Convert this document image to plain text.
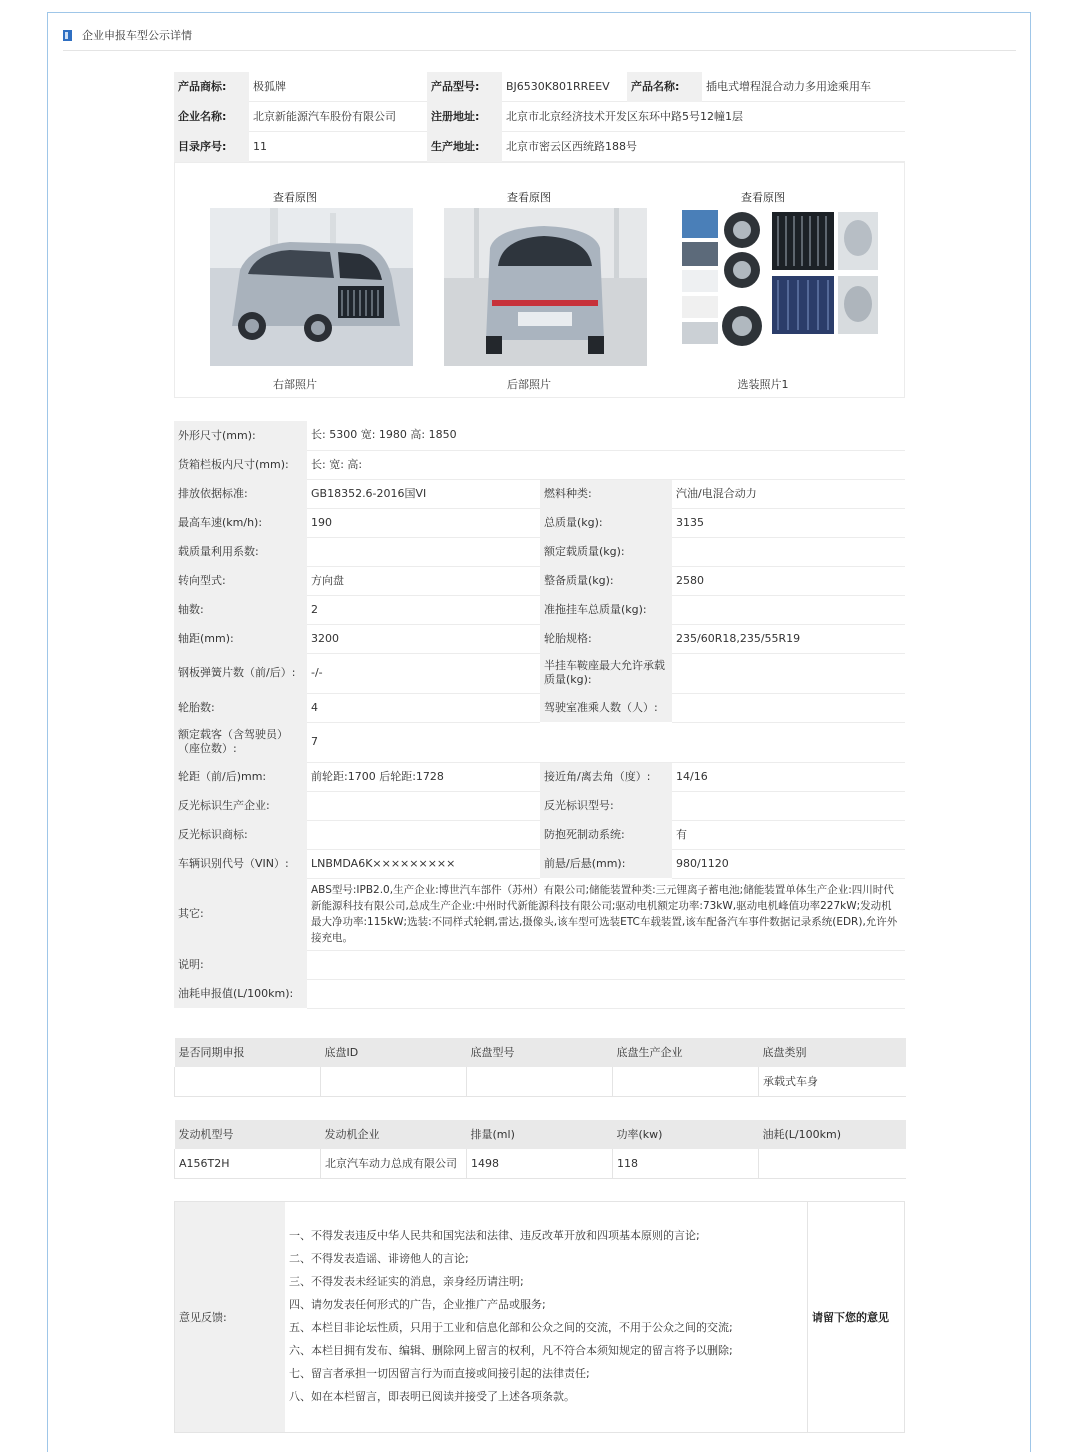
企业申报车型公示详情
产品商标:	极狐牌	产品型号:	BJ6530K801RREEV	产品名称:	插电式增程混合动力多用途乘用车
企业名称:	北京新能源汽车股份有限公司	注册地址:	北京市北京经济技术开发区东环中路5号12幢1层		
目录序号:	11	生产地址:	北京市密云区西统路188号		
查看原图
右部照片
查看原图
后部照片
查看原图
选装照片1
外形尺寸(mm):	长: 5300 宽: 1980 高: 1850		
货箱栏板内尺寸(mm):	长: 宽: 高:		
排放依据标准:	GB18352.6-2016国VI	燃料种类:	汽油/电混合动力
最高车速(km/h):	190	总质量(kg):	3135
载质量利用系数:		额定载质量(kg):	
转向型式:	方向盘	整备质量(kg):	2580
轴数:	2	准拖挂车总质量(kg):	
轴距(mm):	3200	轮胎规格:	235/60R18,235/55R19
钢板弹簧片数（前/后）:	-/-	半挂车鞍座最大允许承载质量(kg):	
轮胎数:	4	驾驶室准乘人数（人）:	
额定载客（含驾驶员）（座位数）:	7		
轮距（前/后)mm:	前轮距:1700 后轮距:1728	接近角/离去角（度）:	14/16
反光标识生产企业:		反光标识型号:	
反光标识商标:		防抱死制动系统:	有
车辆识别代号（VIN）:	LNBMDA6K×××××××××	前悬/后悬(mm):	980/1120
其它:	ABS型号:IPB2.0,生产企业:博世汽车部件（苏州）有限公司;储能装置种类:三元锂离子蓄电池;储能装置单体生产企业:四川时代新能源科技有限公司,总成生产企业:中州时代新能源科技有限公司;驱动电机额定功率:73kW,驱动电机峰值功率227kW;发动机最大净功率:115kW;选装:不同样式轮辋,雷达,摄像头,该车型可选装ETC车载装置,该车配备汽车事件数据记录系统(EDR),允许外接充电。		
说明:			
油耗申报值(L/100km):			
是否同期申报	底盘ID	底盘型号	底盘生产企业	底盘类别
				承载式车身
发动机型号	发动机企业	排量(ml)	功率(kw)	油耗(L/100km)
A156T2H	北京汽车动力总成有限公司	1498	118	
意见反馈:
一、不得发表违反中华人民共和国宪法和法律、违反改革开放和四项基本原则的言论;
二、不得发表造谣、诽谤他人的言论;
三、不得发表未经证实的消息，亲身经历请注明;
四、请勿发表任何形式的广告，企业推广产品或服务;
五、本栏目非论坛性质，只用于工业和信息化部和公众之间的交流，不用于公众之间的交流;
六、本栏目拥有发布、编辑、删除网上留言的权利，凡不符合本须知规定的留言将予以删除;
七、留言者承担一切因留言行为而直接或间接引起的法律责任;
八、如在本栏留言，即表明已阅读并接受了上述各项条款。
请留下您的意见
